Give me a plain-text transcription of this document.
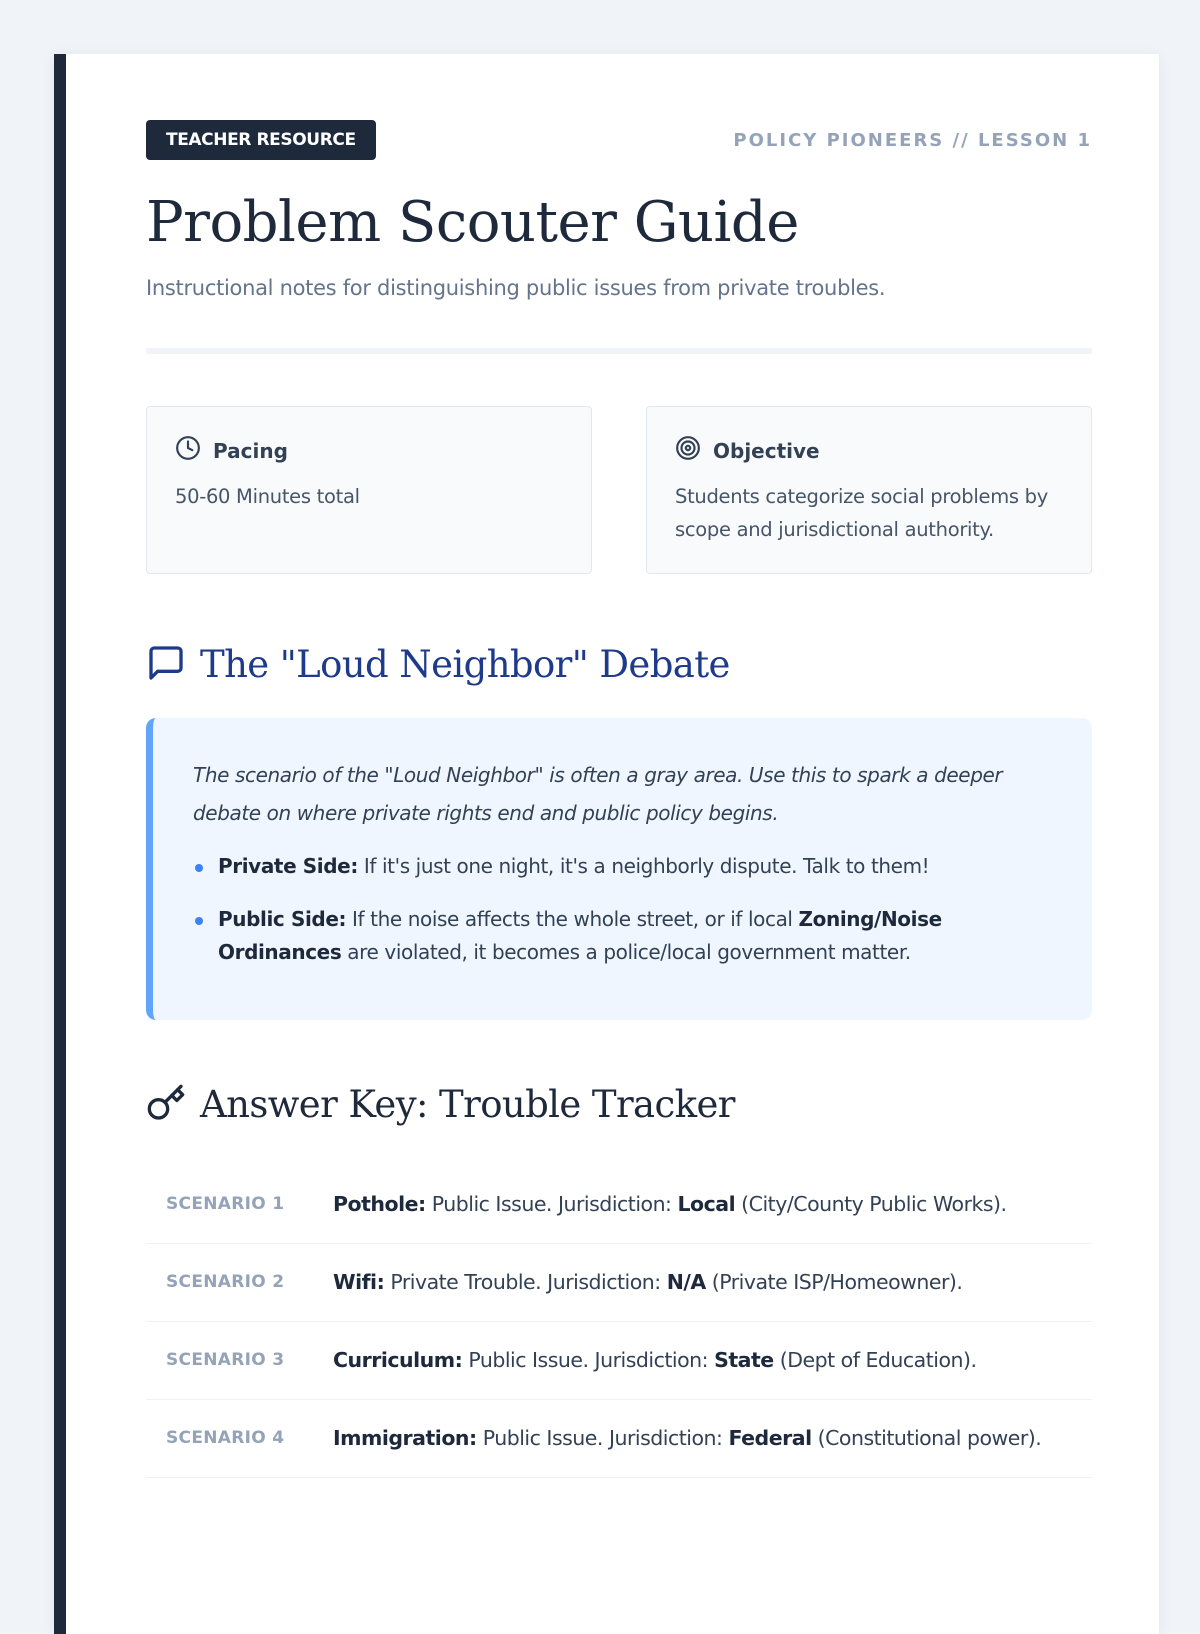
TEACHER RESOURCE	POLICY PIONEERS // LESSON 1
Problem Scouter Guide
Instructional notes for distinguishing public issues from private troubles.
Pacing
50-60 Minutes total
Objective
Students categorize social problems by scope and jurisdictional authority.
The "Loud Neighbor" Debate
The scenario of the "Loud Neighbor" is often a gray area. Use this to spark a deeper debate on where private rights end and public policy begins.
Private Side: If it's just one night, it's a neighborly dispute. Talk to them!
Public Side: If the noise affects the whole street, or if local Zoning/Noise Ordinances are violated, it becomes a police/local government matter.
Answer Key: Trouble Tracker
SCENARIO 1	Pothole: Public Issue. Jurisdiction: Local (City/County Public Works).
SCENARIO 2	Wifi: Private Trouble. Jurisdiction: N/A (Private ISP/Homeowner).
SCENARIO 3	Curriculum: Public Issue. Jurisdiction: State (Dept of Education).
SCENARIO 4	Immigration: Public Issue. Jurisdiction: Federal (Constitutional power).
